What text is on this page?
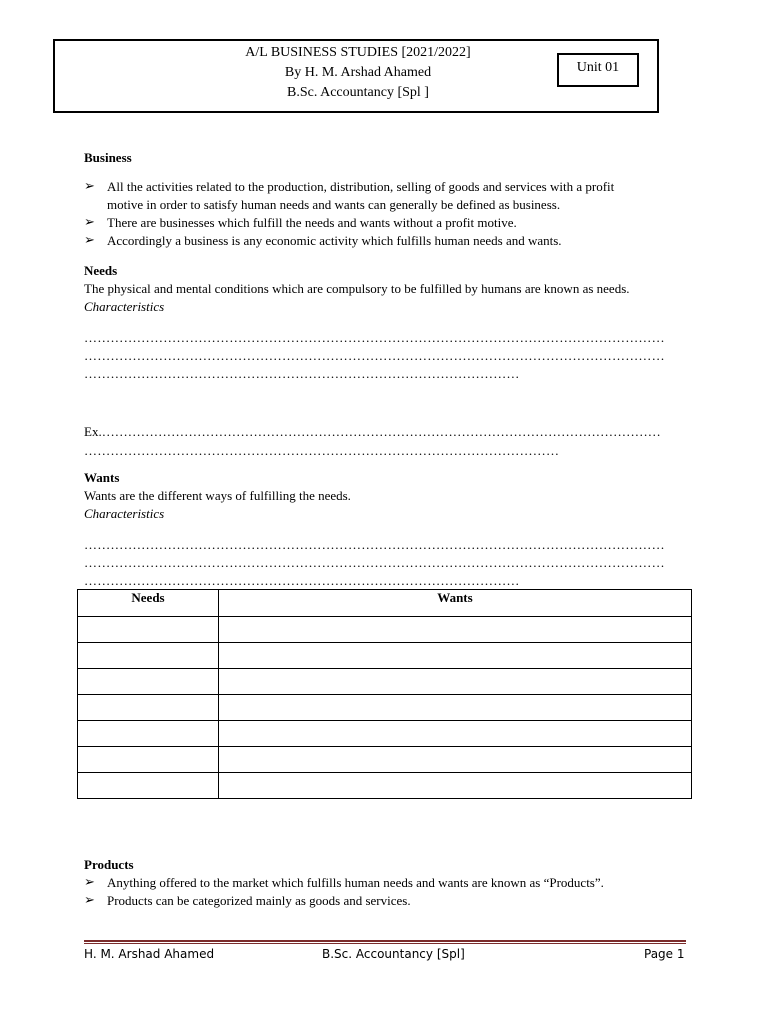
A/L BUSINESS STUDIES [2021/2022]
By H. M. Arshad Ahamed
B.Sc. Accountancy [Spl ]
Unit 01
Business
➢ All the activities related to the production, distribution, selling of goods and services with a profit
motive in order to satisfy human needs and wants can generally be defined as business.
➢ There are businesses which fulfill the needs and wants without a profit motive.
➢ Accordingly a business is any economic activity which fulfills human needs and wants.
Needs
The physical and mental conditions which are compulsory to be fulfilled by humans are known as needs.
Characteristics
……………………………………………………………………………………………………………………
……………………………………………………………………………………………………………………
………………………………………………………………………………………
Ex.…………………………………………………………………………………………………………………
………………………………………………………………………………………………
Wants
Wants are the different ways of fulfilling the needs.
Characteristics
……………………………………………………………………………………………………………………
……………………………………………………………………………………………………………………
………………………………………………………………………………………
Needs	Wants

Products
➢ Anything offered to the market which fulfills human needs and wants are known as “Products”.
➢ Products can be categorized mainly as goods and services.
H. M. Arshad Ahamed	B.Sc. Accountancy [Spl]	Page 1
